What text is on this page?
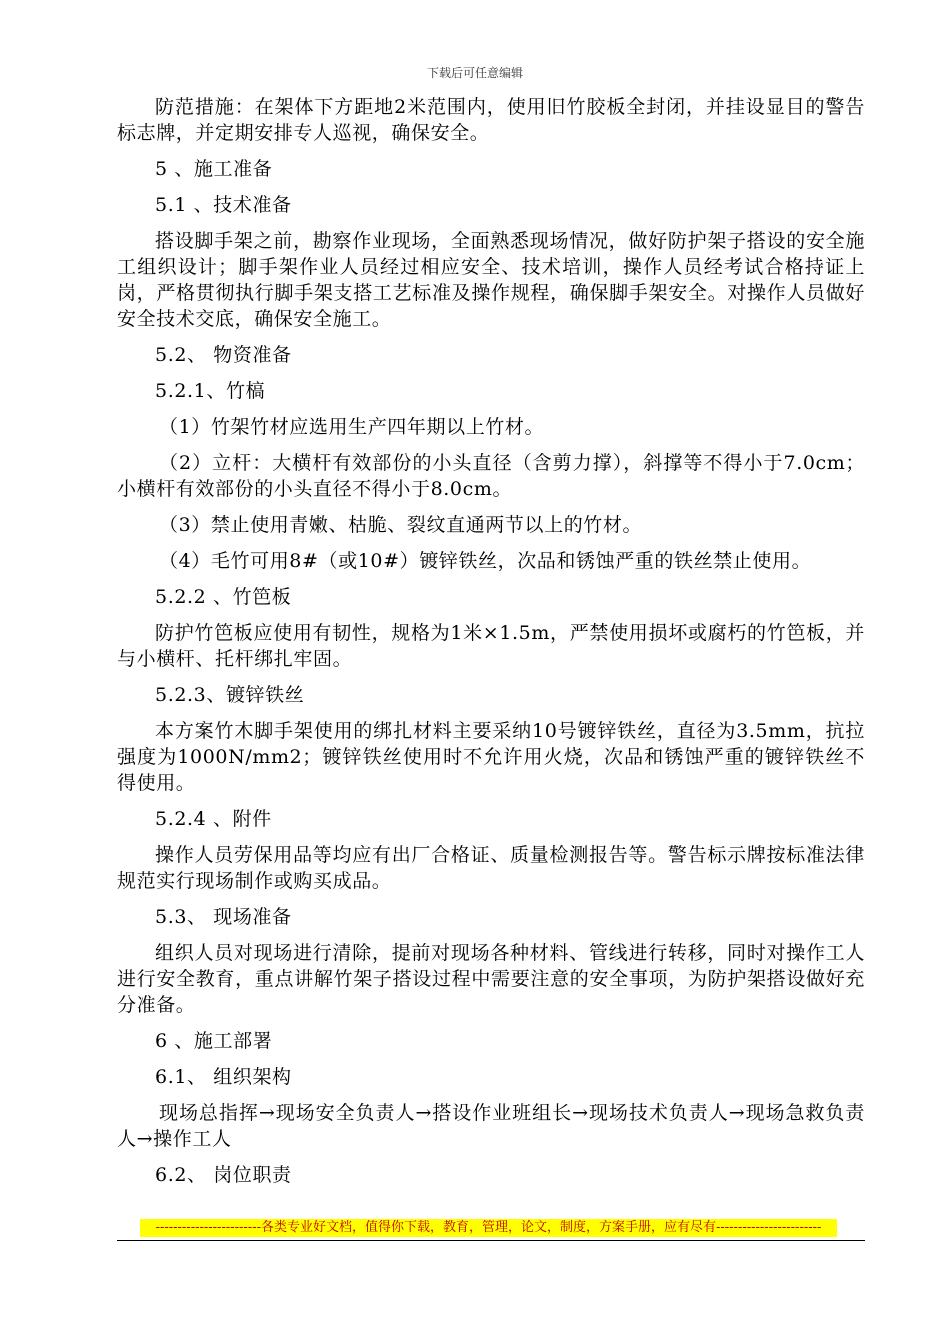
下载后可任意编辑

防范措施：在架体下方距地2米范围内，使用旧竹胶板全封闭，并挂设显目的警告标志牌，并定期安排专人巡视，确保安全。

5 、施工准备

5.1 、技术准备

搭设脚手架之前，勘察作业现场，全面熟悉现场情况，做好防护架子搭设的安全施工组织设计；脚手架作业人员经过相应安全、技术培训，操作人员经考试合格持证上岗，严格贯彻执行脚手架支搭工艺标准及操作规程，确保脚手架安全。对操作人员做好安全技术交底，确保安全施工。

5.2、 物资准备

5.2.1、竹槁

（1）竹架竹材应选用生产四年期以上竹材。

（2）立杆：大横杆有效部份的小头直径（含剪力撑），斜撑等不得小于7.0cm；小横杆有效部份的小头直径不得小于8.0cm。

（3）禁止使用青嫩、枯脆、裂纹直通两节以上的竹材。

（4）毛竹可用8#（或10#）镀锌铁丝，次品和锈蚀严重的铁丝禁止使用。

5.2.2 、竹笆板

防护竹笆板应使用有韧性，规格为1米×1.5m，严禁使用损坏或腐朽的竹笆板，并与小横杆、托杆绑扎牢固。

5.2.3、镀锌铁丝

本方案竹木脚手架使用的绑扎材料主要采纳10号镀锌铁丝，直径为3.5mm，抗拉强度为1000N/mm2；镀锌铁丝使用时不允许用火烧，次品和锈蚀严重的镀锌铁丝不得使用。

5.2.4 、附件

操作人员劳保用品等均应有出厂合格证、质量检测报告等。警告标示牌按标准法律规范实行现场制作或购买成品。

5.3、 现场准备

组织人员对现场进行清除，提前对现场各种材料、管线进行转移，同时对操作工人进行安全教育，重点讲解竹架子搭设过程中需要注意的安全事项，为防护架搭设做好充分准备。

6 、施工部署

6.1、 组织架构

现场总指挥→现场安全负责人→搭设作业班组长→现场技术负责人→现场急救负责人→操作工人

6.2、 岗位职责

------------------------各类专业好文档，值得你下载，教育，管理，论文，制度，方案手册，应有尽有------------------------
